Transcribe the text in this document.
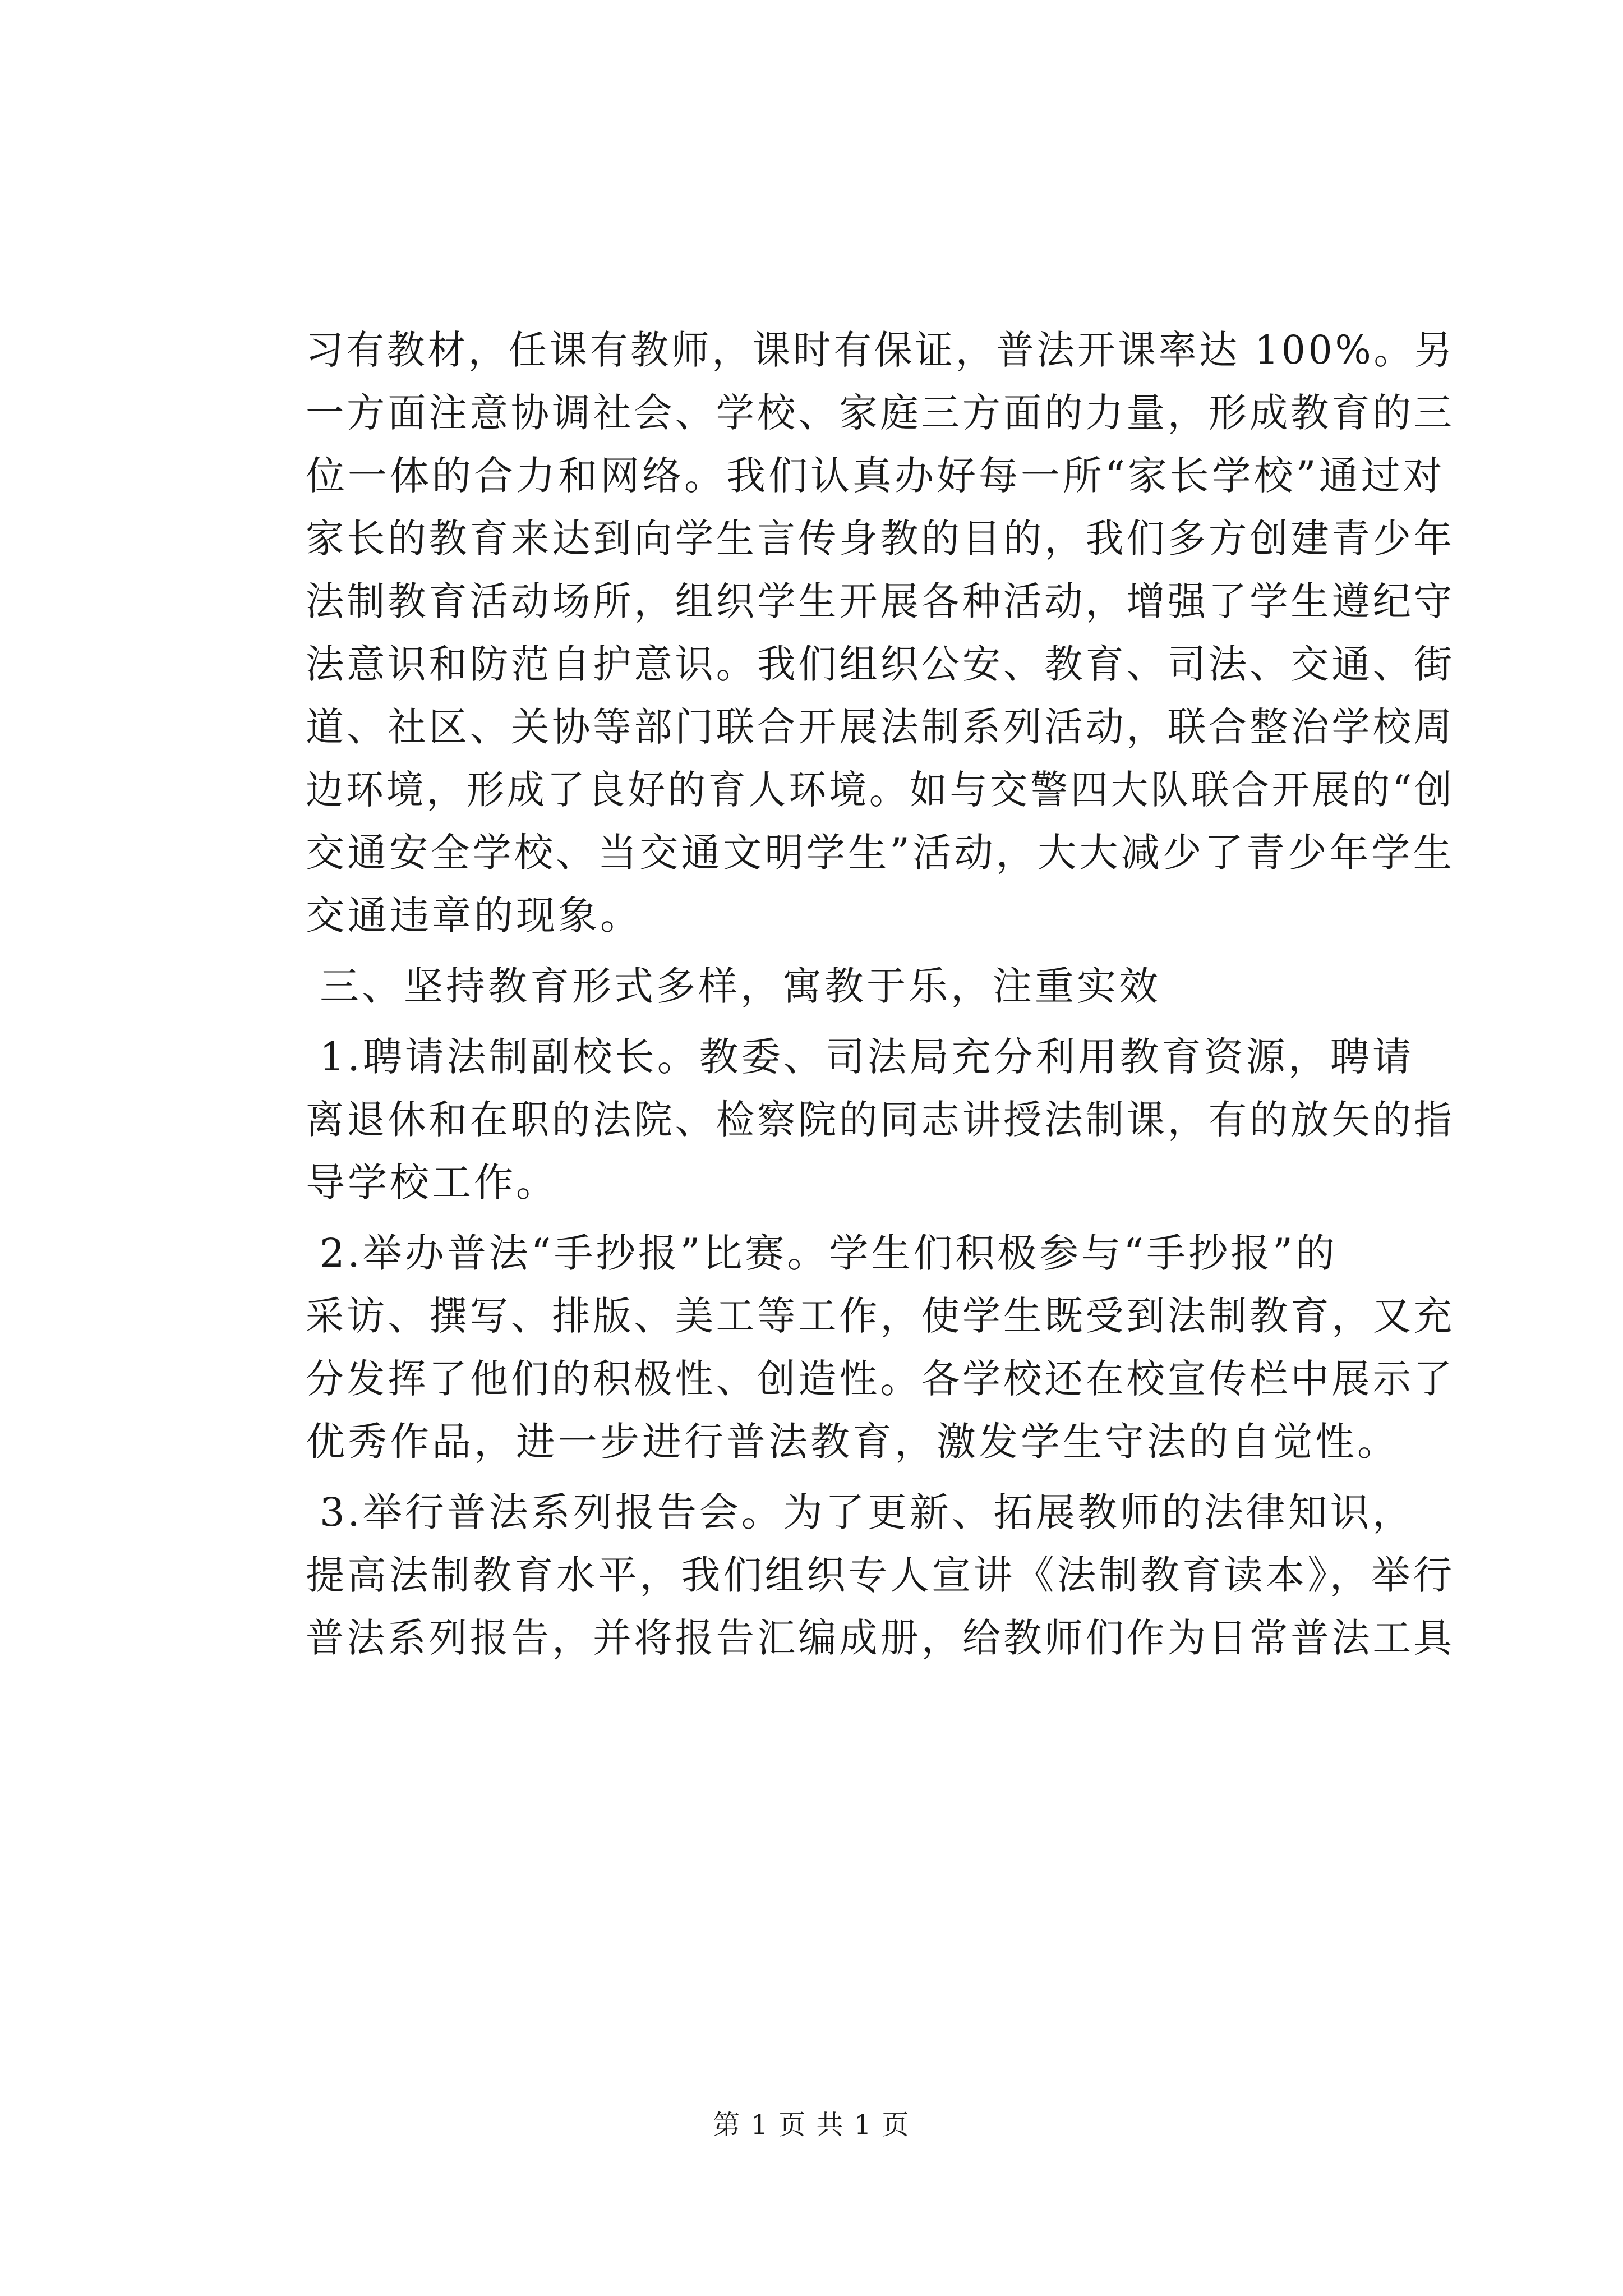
习有教材，任课有教师，课时有保证，普法开课率达 100%。另
一方面注意协调社会、学校、家庭三方面的力量，形成教育的三
位一体的合力和网络。我们认真办好每一所“家长学校”通过对
家长的教育来达到向学生言传身教的目的，我们多方创建青少年
法制教育活动场所，组织学生开展各种活动，增强了学生遵纪守
法意识和防范自护意识。我们组织公安、教育、司法、交通、街
道、社区、关协等部门联合开展法制系列活动，联合整治学校周
边环境，形成了良好的育人环境。如与交警四大队联合开展的“创
交通安全学校、当交通文明学生”活动，大大减少了青少年学生
交通违章的现象。
三、坚持教育形式多样，寓教于乐，注重实效
1.聘请法制副校长。教委、司法局充分利用教育资源，聘请
离退休和在职的法院、检察院的同志讲授法制课，有的放矢的指
导学校工作。
2.举办普法“手抄报”比赛。学生们积极参与“手抄报”的
采访、撰写、排版、美工等工作，使学生既受到法制教育，又充
分发挥了他们的积极性、创造性。各学校还在校宣传栏中展示了
优秀作品，进一步进行普法教育，激发学生守法的自觉性。
3.举行普法系列报告会。为了更新、拓展教师的法律知识，
提高法制教育水平，我们组织专人宣讲《法制教育读本》，举行
普法系列报告，并将报告汇编成册，给教师们作为日常普法工具
第 1 页 共 1 页
